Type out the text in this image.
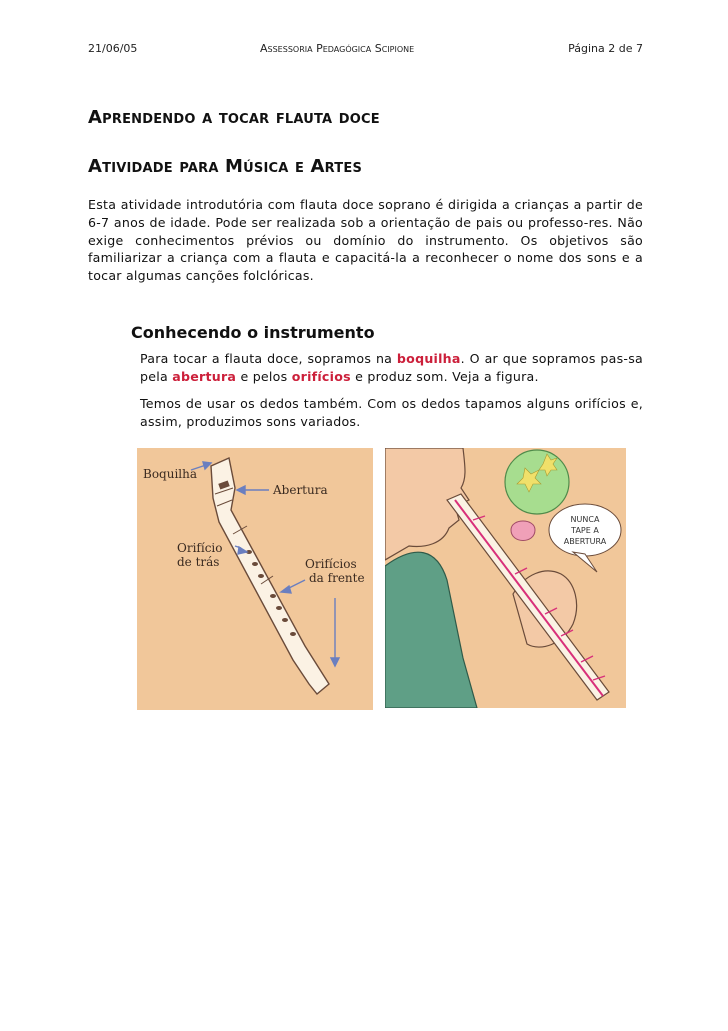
21/06/05	Assessoria Pedagógica Scipione	Página 2 de 7
Aprendendo a tocar flauta doce
Atividade para Música e Artes

Esta atividade introdutória com flauta doce soprano é dirigida a crianças a partir de 6-7 anos de idade. Pode ser realizada sob a orientação de pais ou professo-res. Não exige conhecimentos prévios ou domínio do instrumento. Os objetivos são familiarizar a criança com a flauta e capacitá-la a reconhecer o nome dos sons e a tocar algumas canções folclóricas.

Conhecendo o instrumento

Para tocar a flauta doce, sopramos na boquilha. O ar que sopramos pas-sa pela abertura e pelos orifícios e produz som. Veja a figura.

Temos de usar os dedos também. Com os dedos tapamos alguns orifícios e, assim, produzimos sons variados.

Boquilha
Abertura
Orifício
de trás	Orifícios
da frente
NUNCA
TAPE A
ABERTURA
